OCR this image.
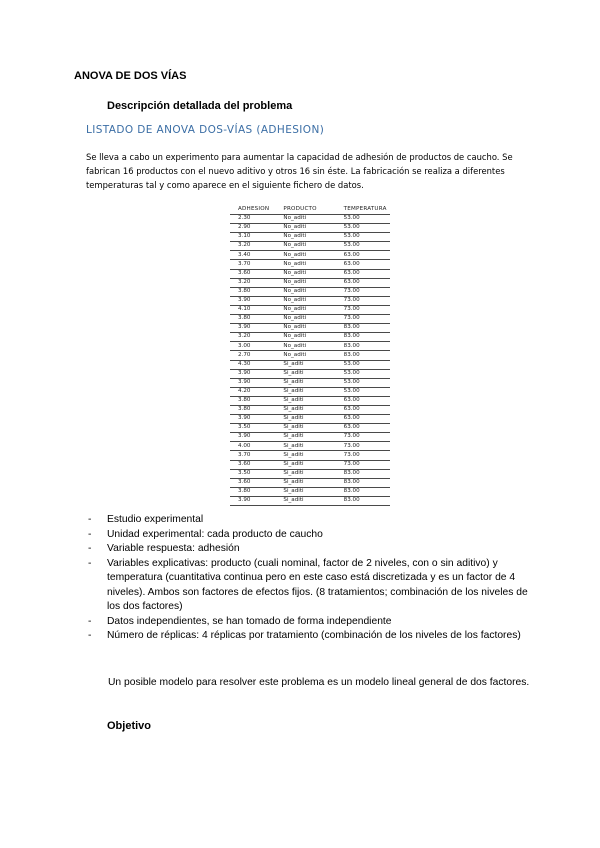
ANOVA DE DOS VÍAS
Descripción detallada del problema
LISTADO DE ANOVA DOS-VÍAS (ADHESION)
Se lleva a cabo un experimento para aumentar la capacidad de adhesión de productos de caucho. Se fabrican 16 productos con el nuevo aditivo y otros 16 sin éste. La fabricación se realiza a diferentes temperaturas tal y como aparece en el siguiente fichero de datos.
ADHESION	PRODUCTO	TEMPERATURA
2.30	No_aditi	53.00
2.90	No_aditi	53.00
3.10	No_aditi	53.00
3.20	No_aditi	53.00
3.40	No_aditi	63.00
3.70	No_aditi	63.00
3.60	No_aditi	63.00
3.20	No_aditi	63.00
3.80	No_aditi	73.00
3.90	No_aditi	73.00
4.10	No_aditi	73.00
3.80	No_aditi	73.00
3.90	No_aditi	83.00
3.20	No_aditi	83.00
3.00	No_aditi	83.00
2.70	No_aditi	83.00
4.30	Si_aditi	53.00
3.90	Si_aditi	53.00
3.90	Si_aditi	53.00
4.20	Si_aditi	53.00
3.80	Si_aditi	63.00
3.80	Si_aditi	63.00
3.90	Si_aditi	63.00
3.50	Si_aditi	63.00
3.90	Si_aditi	73.00
4.00	Si_aditi	73.00
3.70	Si_aditi	73.00
3.60	Si_aditi	73.00
3.50	Si_aditi	83.00
3.60	Si_aditi	83.00
3.80	Si_aditi	83.00
3.90	Si_aditi	83.00
- Estudio experimental
- Unidad experimental: cada producto de caucho
- Variable respuesta: adhesión
- Variables explicativas: producto (cuali nominal, factor de 2 niveles, con o sin aditivo) y temperatura (cuantitativa continua pero en este caso está discretizada y es un factor de 4 niveles). Ambos son factores de efectos fijos. (8 tratamientos; combinación de los niveles de los dos factores)
- Datos independientes, se han tomado de forma independiente
- Número de réplicas: 4 réplicas por tratamiento (combinación de los niveles de los factores)
Un posible modelo para resolver este problema es un modelo lineal general de dos factores.
Objetivo
